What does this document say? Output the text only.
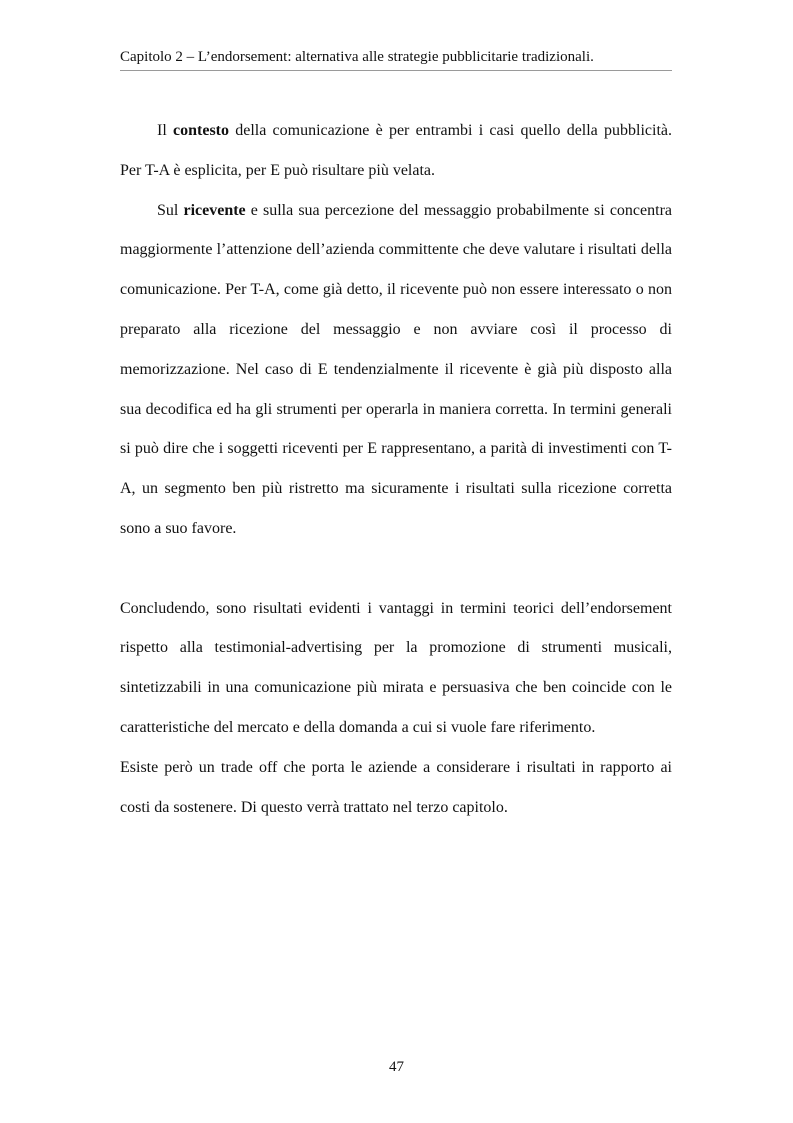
Capitolo 2 – L’endorsement: alternativa alle strategie pubblicitarie tradizionali.

Il contesto della comunicazione è per entrambi i casi quello della pubblicità. Per T-A è esplicita, per E può risultare più velata.

Sul ricevente e sulla sua percezione del messaggio probabilmente si concentra maggiormente l’attenzione dell’azienda committente che deve valutare i risultati della comunicazione. Per T-A, come già detto, il ricevente può non essere interessato o non preparato alla ricezione del messaggio e non avviare così il processo di memorizzazione. Nel caso di E tendenzialmente il ricevente è già più disposto alla sua decodifica ed ha gli strumenti per operarla in maniera corretta. In termini generali si può dire che i soggetti riceventi per E rappresentano, a parità di investimenti con T-A, un segmento ben più ristretto ma sicuramente i risultati sulla ricezione corretta sono a suo favore.

Concludendo, sono risultati evidenti i vantaggi in termini teorici dell’endorsement rispetto alla testimonial-advertising per la promozione di strumenti musicali, sintetizzabili in una comunicazione più mirata e persuasiva che ben coincide con le caratteristiche del mercato e della domanda a cui si vuole fare riferimento.

Esiste però un trade off che porta le aziende a considerare i risultati in rapporto ai costi da sostenere. Di questo verrà trattato nel terzo capitolo.

47
